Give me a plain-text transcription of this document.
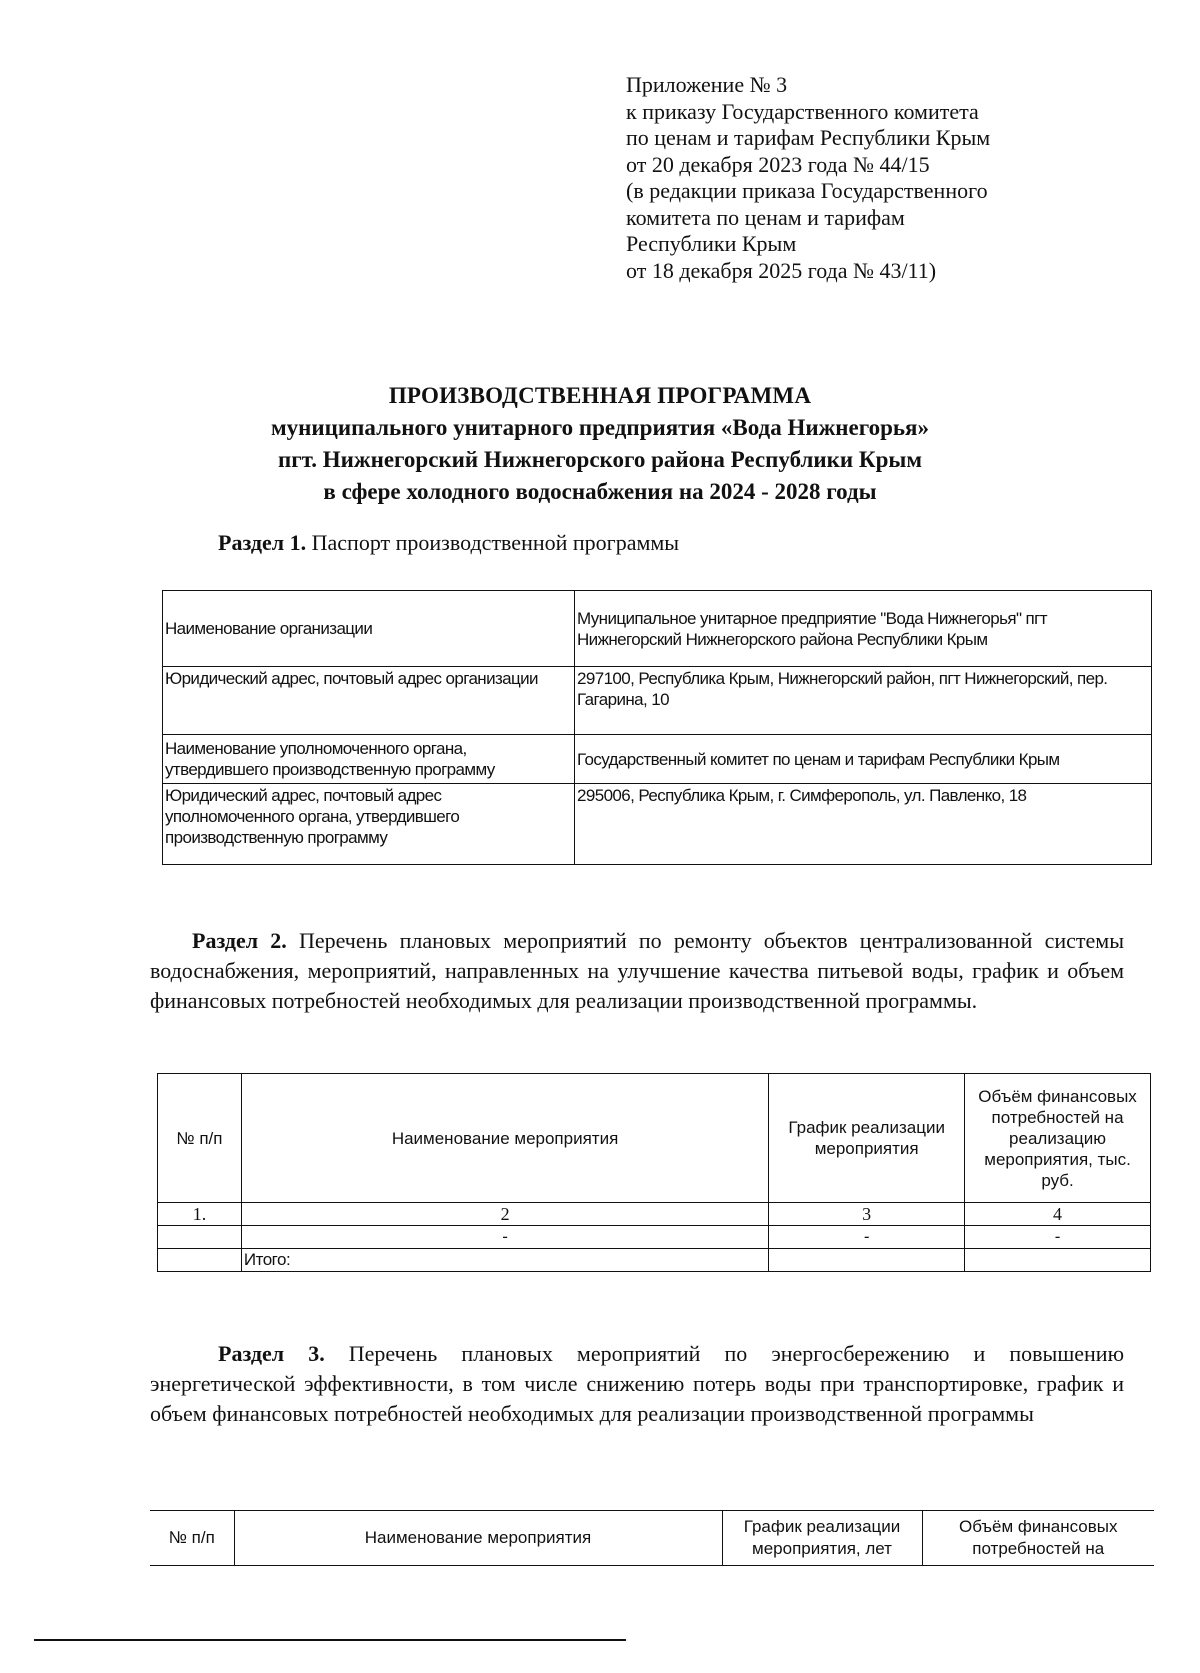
Приложение № 3
к приказу Государственного комитета
по ценам и тарифам Республики Крым
от 20 декабря 2023 года № 44/15
(в редакции приказа Государственного
комитета по ценам и тарифам
Республики Крым
от 18 декабря 2025 года № 43/11)
ПРОИЗВОДСТВЕННАЯ ПРОГРАММА
муниципального унитарного предприятия «Вода Нижнегорья»
пгт. Нижнегорский Нижнегорского района Республики Крым
в сфере холодного водоснабжения на 2024 - 2028 годы
Раздел 1. Паспорт производственной программы
Наименование организации	Муниципальное унитарное предприятие "Вода Нижнегорья" пгт Нижнегорский Нижнегорского района Республики Крым
Юридический адрес, почтовый адрес организации	297100, Республика Крым, Нижнегорский район, пгт Нижнегорский, пер. Гагарина, 10
Наименование уполномоченного органа, утвердившего производственную программу	Государственный комитет по ценам и тарифам Республики Крым
Юридический адрес, почтовый адрес уполномоченного органа, утвердившего производственную программу	295006, Республика Крым, г. Симферополь, ул. Павленко, 18
Раздел 2. Перечень плановых мероприятий по ремонту объектов централизованной системы водоснабжения, мероприятий, направленных на улучшение качества питьевой воды, график и объем финансовых потребностей необходимых для реализации производственной программы.
№ п/п	Наименование мероприятия	График реализации мероприятия	Объём финансовых потребностей на реализацию мероприятия, тыс. руб.
1.	2	3	4
	-	-	-
	Итого:		
Раздел 3. Перечень плановых мероприятий по энергосбережению и повышению энергетической эффективности, в том числе снижению потерь воды при транспортировке, график и объем финансовых потребностей необходимых для реализации производственной программы
№ п/п	Наименование мероприятия	График реализации мероприятия, лет	Объём финансовых потребностей на
